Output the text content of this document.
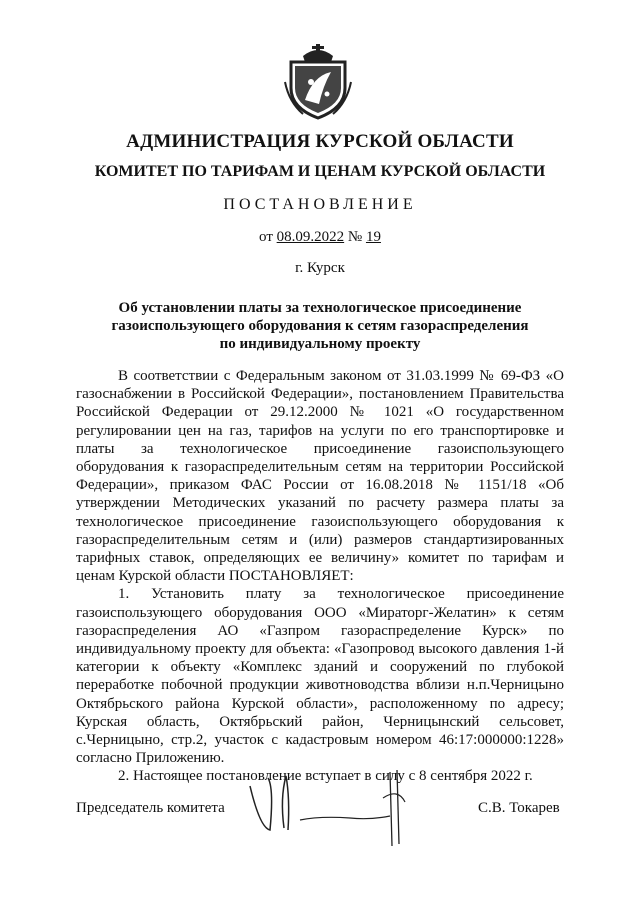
АДМИНИСТРАЦИЯ КУРСКОЙ ОБЛАСТИ
КОМИТЕТ ПО ТАРИФАМ И ЦЕНАМ КУРСКОЙ ОБЛАСТИ
ПОСТАНОВЛЕНИЕ
от 08.09.2022 № 19
г. Курск
Об установлении платы за технологическое присоединение
газоиспользующего оборудования к сетям газораспределения
по индивидуальному проекту

В соответствии с Федеральным законом от 31.03.1999 № 69-ФЗ «О газоснабжении в Российской Федерации», постановлением Правительства Российской Федерации от 29.12.2000 № 1021 «О государственном регулировании цен на газ, тарифов на услуги по его транспортировке и платы за технологическое присоединение газоиспользующего оборудования к газораспределительным сетям на территории Российской Федерации», приказом ФАС России от 16.08.2018 № 1151/18 «Об утверждении Методических указаний по расчету размера платы за технологическое присоединение газоиспользующего оборудования к газораспределительным сетям и (или) размеров стандартизированных тарифных ставок, определяющих ее величину» комитет по тарифам и ценам Курской области ПОСТАНОВЛЯЕТ:

1. Установить плату за технологическое присоединение газоиспользующего оборудования ООО «Мираторг-Желатин» к сетям газораспределения АО «Газпром газораспределение Курск» по индивидуальному проекту для объекта: «Газопровод высокого давления 1-й категории к объекту «Комплекс зданий и сооружений по глубокой переработке побочной продукции животноводства вблизи н.п.Черницыно Октябрьского района Курской области», расположенному по адресу; Курская область, Октябрьский район, Черницынский сельсовет, с.Черницыно, стр.2, участок с кадастровым номером 46:17:000000:1228» согласно Приложению.

2. Настоящее постановление вступает в силу с 8 сентября 2022 г.

Председатель комитета	С.В. Токарев
